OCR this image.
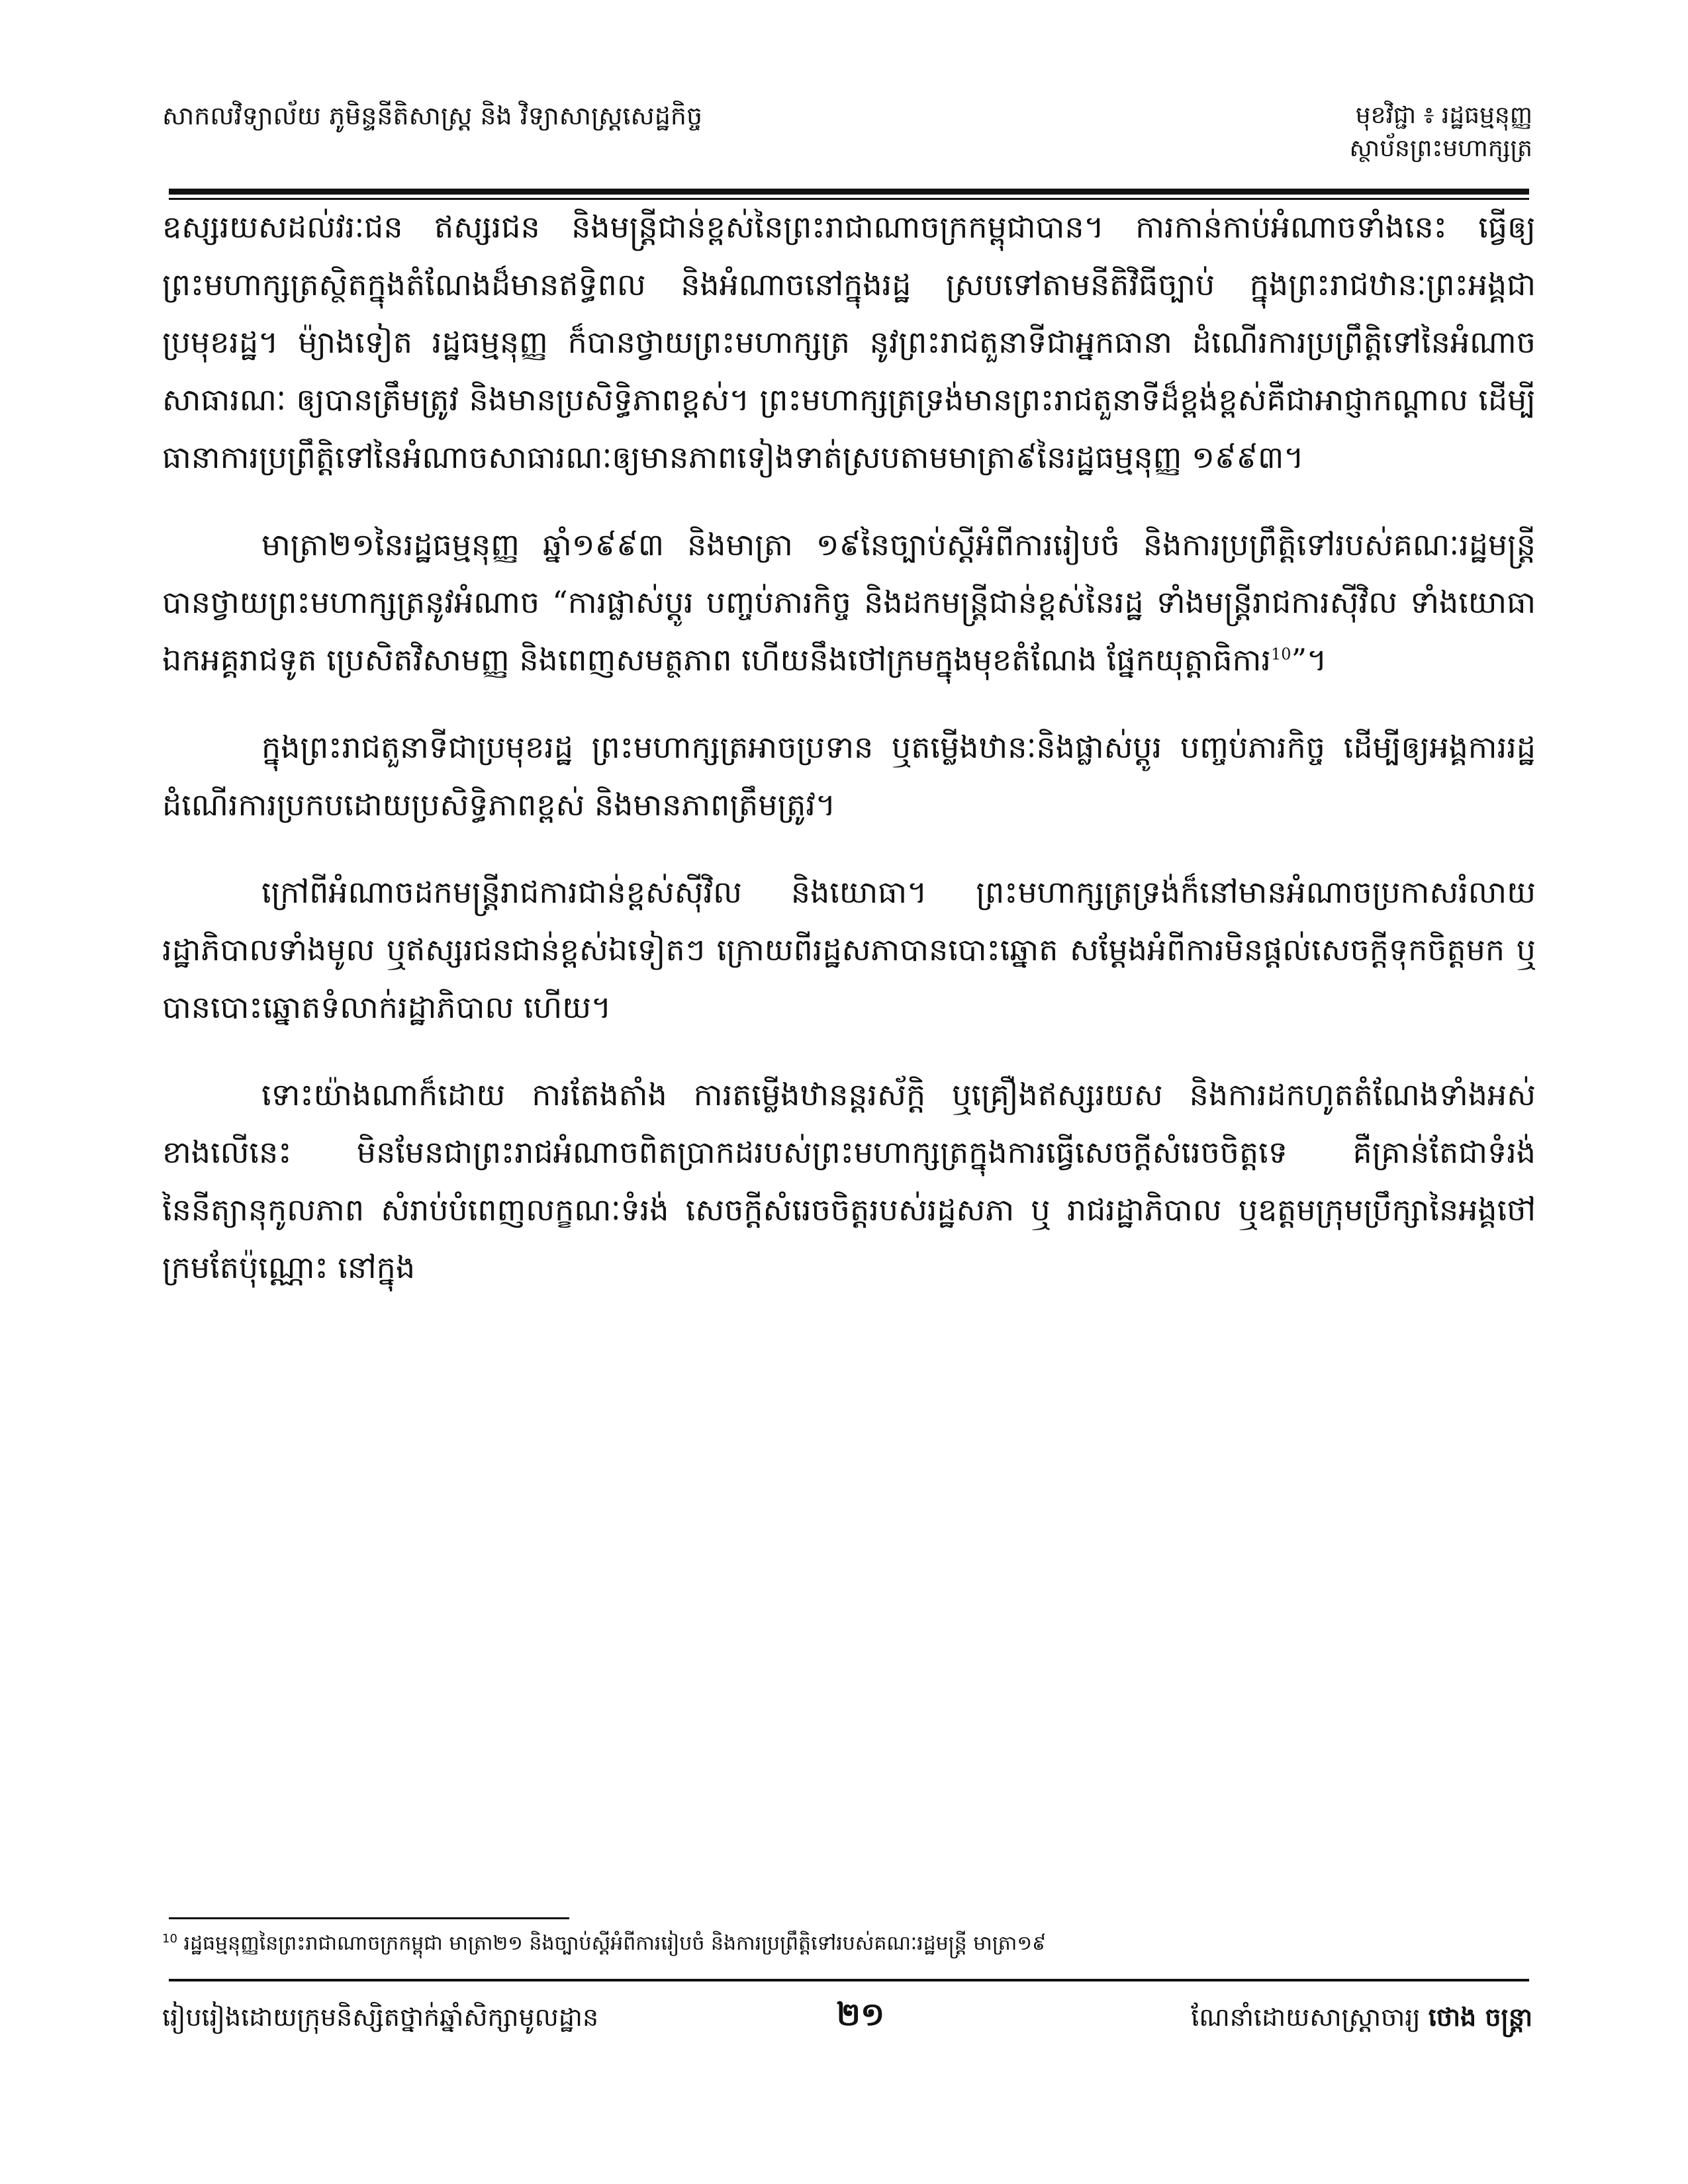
សាកលវិទ្យាល័យ ភូមិន្ទនីតិសាស្ត្រ និង វិទ្យាសាស្ត្រសេដ្ឋកិច្ច	មុខវិជ្ជា ៖ រដ្ឋធម្មនុញ្ញ
ស្ថាប័នព្រះមហាក្សត្រ

ឧស្សរយសដល់វរៈជន ឥស្សរជន និងមន្ត្រីជាន់ខ្ពស់នៃព្រះរាជាណាចក្រកម្ពុជាបាន។ ការកាន់កាប់អំណាចទាំងនេះ ធ្វើឲ្យព្រះមហាក្សត្រស្ថិតក្នុងតំណែងដ៏មានឥទ្ធិពល និងអំណាចនៅក្នុងរដ្ឋ ស្របទៅតាមនីតិវិធីច្បាប់ ក្នុងព្រះរាជឋានៈព្រះអង្គជាប្រមុខរដ្ឋ។ ម៉្យាងទៀត រដ្ឋធម្មនុញ្ញ ក៏បានថ្វាយព្រះមហាក្សត្រ នូវព្រះរាជតួនាទីជាអ្នកធានា ដំណើរការប្រព្រឹត្តិទៅនៃអំណាច សាធារណៈ ឲ្យបានត្រឹមត្រូវ និងមានប្រសិទ្ធិភាពខ្ពស់។ ព្រះមហាក្សត្រទ្រង់មានព្រះរាជតួនាទីដ៏ខ្ពង់ខ្ពស់គឺជាអាជ្ញាកណ្តាល ដើម្បីធានាការប្រព្រឹត្តិទៅនៃអំណាចសាធារណៈឲ្យមានភាពទៀងទាត់ស្របតាមមាត្រា៩នៃរដ្ឋធម្មនុញ្ញ ១៩៩៣។

មាត្រា២១នៃរដ្ឋធម្មនុញ្ញ ឆ្នាំ១៩៩៣ និងមាត្រា ១៩នៃច្បាប់ស្តីអំពីការរៀបចំ និងការប្រព្រឹត្តិទៅរបស់គណៈរដ្ឋមន្ត្រី បានថ្វាយព្រះមហាក្សត្រនូវអំណាច “ការផ្លាស់ប្តូរ បញ្ចប់ភារកិច្ច និងដកមន្ត្រីជាន់ខ្ពស់នៃរដ្ឋ ទាំងមន្ត្រីរាជការស៊ីវិល ទាំងយោធា ឯកអគ្គរាជទូត ប្រេសិតវិសាមញ្ញ និងពេញសមត្ថភាព ហើយនឹងថៅក្រមក្នុងមុខតំណែង ផ្នែកយុត្តាធិការ$^{10}$”។

ក្នុងព្រះរាជតួនាទីជាប្រមុខរដ្ឋ ព្រះមហាក្សត្រអាចប្រទាន ឬតម្លើងឋានៈនិងផ្លាស់ប្តូរ បញ្ចប់ភារកិច្ច ដើម្បីឲ្យអង្គការរដ្ឋដំណើរការប្រកបដោយប្រសិទ្ធិភាពខ្ពស់ និងមានភាពត្រឹមត្រូវ។

ក្រៅពីអំណាចដកមន្ត្រីរាជការជាន់ខ្ពស់ស៊ីវិល និងយោធា។ ព្រះមហាក្សត្រទ្រង់ក៏នៅមានអំណាចប្រកាសរំលាយរដ្ឋាភិបាលទាំងមូល ឬឥស្សរជនជាន់ខ្ពស់ឯទៀតៗ ក្រោយពីរដ្ឋសភាបានបោះឆ្នោត សម្តែងអំពីការមិនផ្តល់សេចក្តីទុកចិត្តមក ឬបានបោះឆ្នោតទំលាក់រដ្ឋាភិបាល ហើយ។

ទោះយ៉ាងណាក៏ដោយ ការតែងតាំង ការតម្លើងឋានន្តរស័ក្តិ ឬគ្រឿងឥស្សរយស និងការដកហូតតំណែងទាំងអស់ខាងលើនេះ មិនមែនជាព្រះរាជអំណាចពិតប្រាកដរបស់ព្រះមហាក្សត្រក្នុងការធ្វើសេចក្តីសំរេចចិត្តទេ គឺគ្រាន់តែជាទំរង់នៃនីត្យានុកូលភាព សំរាប់បំពេញលក្ខណៈទំរង់ សេចក្តីសំរេចចិត្តរបស់រដ្ឋសភា ឬ រាជរដ្ឋាភិបាល ឬឧត្តមក្រុមប្រឹក្សានៃអង្គថៅក្រមតែប៉ុណ្ណោះ នៅក្នុង

$^{10}$ រដ្ឋធម្មនុញ្ញនៃព្រះរាជាណាចក្រកម្ពុជា មាត្រា២១ និងច្បាប់ស្តីអំពីការរៀបចំ និងការប្រព្រឹត្តិទៅរបស់គណៈរដ្ឋមន្ត្រី មាត្រា១៩
រៀបរៀងដោយក្រុមនិស្សិតថ្នាក់ឆ្នាំសិក្សាមូលដ្ឋាន	២១	ណែនាំដោយសាស្ត្រាចារ្យ ថោង ចន្ត្រា
